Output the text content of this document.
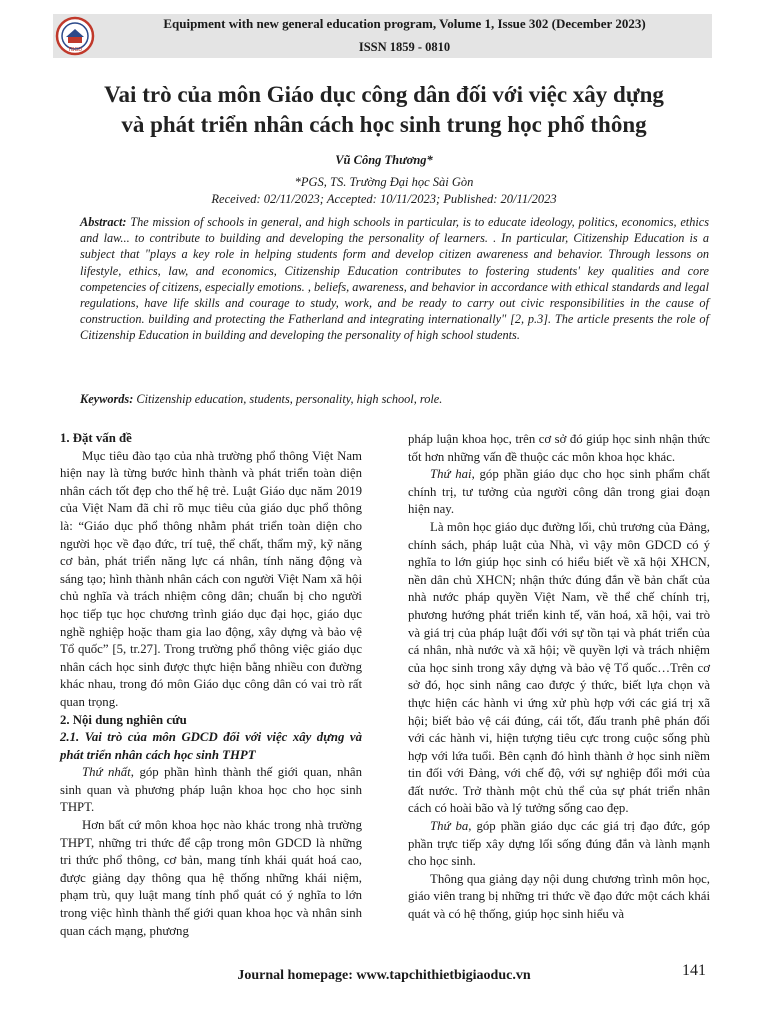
TBGD
Equipment with new general education program, Volume 1, Issue 302 (December 2023)
ISSN 1859 - 0810
Vai trò của môn Giáo dục công dân đối với việc xây dựng
và phát triển nhân cách học sinh trung học phổ thông
Vũ Công Thương*
*PGS, TS. Trường Đại học Sài Gòn
Received: 02/11/2023; Accepted: 10/11/2023; Published: 20/11/2023
Abstract: The mission of schools in general, and high schools in particular, is to educate ideology, politics, economics, ethics and law... to contribute to building and developing the personality of learners. . In particular, Citizenship Education is a subject that "plays a key role in helping students form and develop citizen awareness and behavior. Through lessons on lifestyle, ethics, law, and economics, Citizenship Education contributes to fostering students' key qualities and core competencies of citizens, especially emotions. , beliefs, awareness, and behavior in accordance with ethical standards and legal regulations, have life skills and courage to study, work, and be ready to carry out civic responsibilities in the cause of construction. building and protecting the Fatherland and integrating internationally" [2, p.3]. The article presents the role of Citizenship Education in building and developing the personality of high school students.
Keywords: Citizenship education, students, personality, high school, role.

1. Đặt vấn đề

Mục tiêu đào tạo của nhà trường phổ thông Việt Nam hiện nay là từng bước hình thành và phát triển toàn diện nhân cách tốt đẹp cho thế hệ trẻ. Luật Giáo dục năm 2019 của Việt Nam đã chỉ rõ mục tiêu của giáo dục phổ thông là: “Giáo dục phổ thông nhằm phát triển toàn diện cho người học về đạo đức, trí tuệ, thể chất, thẩm mỹ, kỹ năng cơ bản, phát triển năng lực cá nhân, tính năng động và sáng tạo; hình thành nhân cách con người Việt Nam xã hội chủ nghĩa và trách nhiệm công dân; chuẩn bị cho người học tiếp tục học chương trình giáo dục đại học, giáo dục nghề nghiệp hoặc tham gia lao động, xây dựng và bảo vệ Tổ quốc” [5, tr.27]. Trong trường phổ thông việc giáo dục nhân cách học sinh được thực hiện bằng nhiều con đường khác nhau, trong đó môn Giáo dục công dân có vai trò rất quan trọng.

2. Nội dung nghiên cứu

2.1. Vai trò của môn GDCD đối với việc xây dựng và phát triển nhân cách học sinh THPT

Thứ nhất, góp phần hình thành thế giới quan, nhân sinh quan và phương pháp luận khoa học cho học sinh THPT.

Hơn bất cứ môn khoa học nào khác trong nhà trường THPT, những tri thức để cập trong môn GDCD là những tri thức phổ thông, cơ bản, mang tính khái quát hoá cao, được giảng dạy thông qua hệ thống những khái niệm, phạm trù, quy luật mang tính phổ quát có ý nghĩa to lớn trong việc hình thành thế giới quan khoa học và nhân sinh quan cách mạng, phương

pháp luận khoa học, trên cơ sở đó giúp học sinh nhận thức tốt hơn những vấn đề thuộc các môn khoa học khác.

Thứ hai, góp phần giáo dục cho học sinh phẩm chất chính trị, tư tưởng của người công dân trong giai đoạn hiện nay.

Là môn học giáo dục đường lối, chủ trương của Đảng, chính sách, pháp luật của Nhà, vì vậy môn GDCD có ý nghĩa to lớn giúp học sinh có hiểu biết về xã hội XHCN, nền dân chủ XHCN; nhận thức đúng đắn về bản chất của nhà nước pháp quyền Việt Nam, về thể chế chính trị, phương hướng phát triển kinh tế, văn hoá, xã hội, vai trò và giá trị của pháp luật đối với sự tồn tại và phát triển của cá nhân, nhà nước và xã hội; về quyền lợi và trách nhiệm của học sinh trong xây dựng và bảo vệ Tổ quốc…Trên cơ sở đó, học sinh nâng cao được ý thức, biết lựa chọn và thực hiện các hành vi ứng xử phù hợp với các giá trị xã hội; biết bảo vệ cái đúng, cái tốt, đấu tranh phê phán đối với các hành vi, hiện tượng tiêu cực trong cuộc sống phù hợp với lứa tuổi. Bên cạnh đó hình thành ở học sinh niềm tin đối với Đảng, với chế độ, với sự nghiệp đổi mới của đất nước. Trở thành một chủ thể của sự phát triển nhân cách có hoài bão và lý tưởng sống cao đẹp.

Thứ ba, góp phần giáo dục các giá trị đạo đức, góp phần trực tiếp xây dựng lối sống đúng đắn và lành mạnh cho học sinh.

Thông qua giảng dạy nội dung chương trình môn học, giáo viên trang bị những tri thức về đạo đức một cách khái quát và có hệ thống, giúp học sinh hiểu và

Journal homepage: www.tapchithietbigiaoduc.vn	141
